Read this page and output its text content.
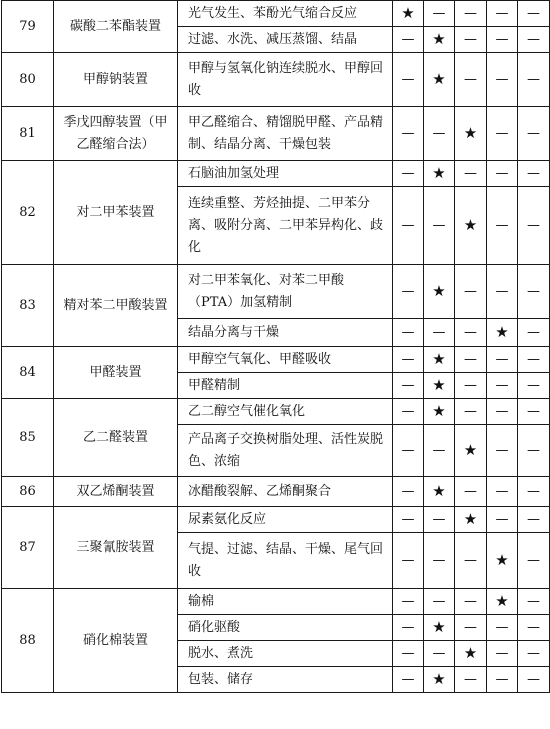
79	碳酸二苯酯装置	光气发生、苯酚光气缩合反应	★	—	—	—	—
		过滤、水洗、减压蒸馏、结晶	—	★	—	—	—
80	甲醇钠装置	甲醇与氢氧化钠连续脱水、甲醇回收	—	★	—	—	—
81	季戊四醇装置（甲乙醛缩合法）	甲乙醛缩合、精馏脱甲醛、产品精制、结晶分离、干燥包装	—	—	★	—	—
82	对二甲苯装置	石脑油加氢处理	—	★	—	—	—
		连续重整、芳烃抽提、二甲苯分离、吸附分离、二甲苯异构化、歧化	—	—	★	—	—
83	精对苯二甲酸装置	对二甲苯氧化、对苯二甲酸（PTA）加氢精制	—	★	—	—	—
		结晶分离与干燥	—	—	—	★	—
84	甲醛装置	甲醇空气氧化、甲醛吸收	—	★	—	—	—
		甲醛精制	—	★	—	—	—
85	乙二醛装置	乙二醇空气催化氧化	—	★	—	—	—
		产品离子交换树脂处理、活性炭脱色、浓缩	—	—	★	—	—
86	双乙烯酮装置	冰醋酸裂解、乙烯酮聚合	—	★	—	—	—
87	三聚氰胺装置	尿素氨化反应	—	—	★	—	—
		气提、过滤、结晶、干燥、尾气回收	—	—	—	★	—
88	硝化棉装置	输棉	—	—	—	★	—
		硝化驱酸	—	★	—	—	—
		脱水、煮洗	—	—	★	—	—
		包装、储存	—	★	—	—	—
